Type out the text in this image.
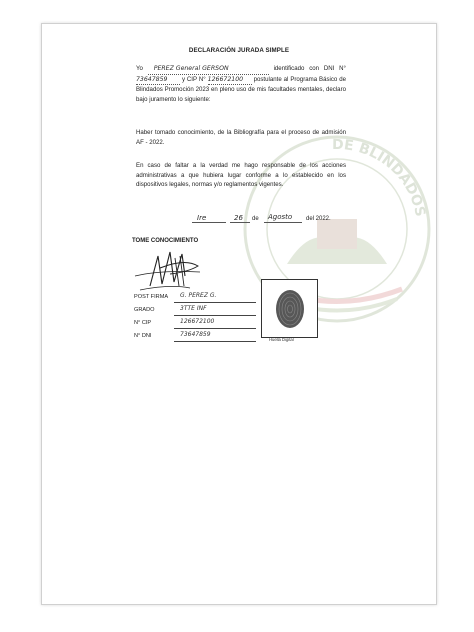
DE BLINDADOS
DECLARACIÓN JURADA SIMPLE
Yo PEREZ General GERSON	identificado con DNI N° 73647859 y CIP N° 126672100 postulante al Programa Básico de Blindados Promoción 2023 en pleno uso de mis facultades mentales, declaro bajo juramento lo siguiente:
Haber tomado conocimiento, de la Bibliografía para el proceso de admisión AF - 2022.
En caso de faltar a la verdad me hago responsable de los acciones administrativas a que hubiera lugar conforme a lo establecido en los dispositivos legales, normas y/o reglamentos vigentes.
Ire	26 de Agosto del 2022.
TOME CONOCIMIENTO
POST FIRMA G. PEREZ G.
GRADO	3TTE INF
N° CIP	126672100
N° DNI	73647859
Huella Digital
